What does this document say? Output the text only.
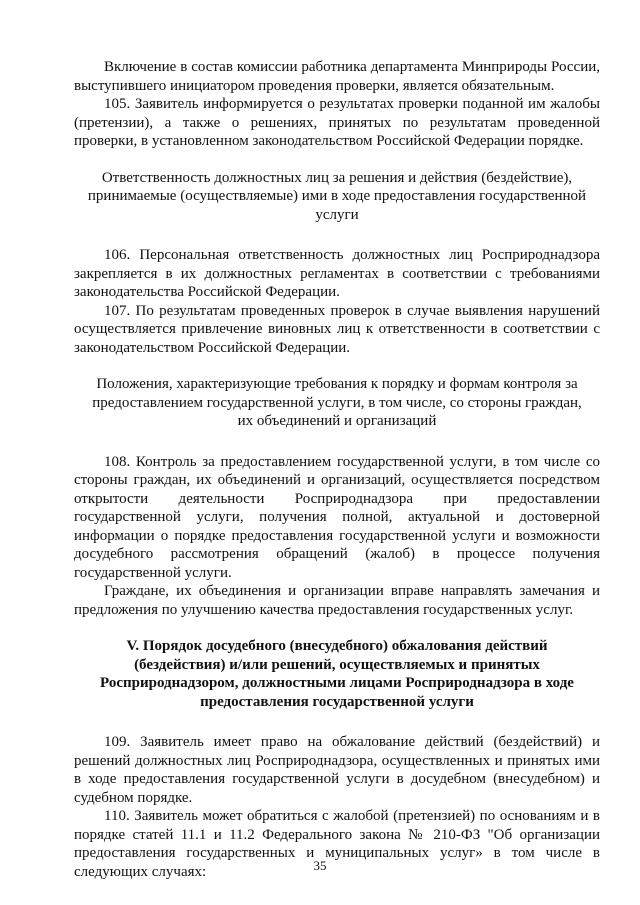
Включение в состав комиссии работника департамента Минприроды России, выступившего инициатором проведения проверки, является обязательным.

105. Заявитель информируется о результатах проверки поданной им жалобы (претензии), а также о решениях, принятых по результатам проведенной проверки, в установленном законодательством Российской Федерации порядке.

Ответственность должностных лиц за решения и действия (бездействие), принимаемые (осуществляемые) ими в ходе предоставления государственной услуги

106. Персональная ответственность должностных лиц Росприроднадзора закрепляется в их должностных регламентах в соответствии с требованиями законодательства Российской Федерации.

107. По результатам проведенных проверок в случае выявления нарушений осуществляется привлечение виновных лиц к ответственности в соответствии с законодательством Российской Федерации.

Положения, характеризующие требования к порядку и формам контроля за предоставлением государственной услуги, в том числе, со стороны граждан, их объединений и организаций

108. Контроль за предоставлением государственной услуги, в том числе со стороны граждан, их объединений и организаций, осуществляется посредством открытости деятельности Росприроднадзора при предоставлении государственной услуги, получения полной, актуальной и достоверной информации о порядке предоставления государственной услуги и возможности досудебного рассмотрения обращений (жалоб) в процессе получения государственной услуги.

Граждане, их объединения и организации вправе направлять замечания и предложения по улучшению качества предоставления государственных услуг.

V. Порядок досудебного (внесудебного) обжалования действий (бездействия) и/или решений, осуществляемых и принятых Росприроднадзором, должностными лицами Росприроднадзора в ходе предоставления государственной услуги

109. Заявитель имеет право на обжалование действий (бездействий) и решений должностных лиц Росприроднадзора, осуществленных и принятых ими в ходе предоставления государственной услуги в досудебном (внесудебном) и судебном порядке.

110. Заявитель может обратиться с жалобой (претензией) по основаниям и в порядке статей 11.1 и 11.2 Федерального закона № 210-ФЗ "Об организации предоставления государственных и муниципальных услуг» в том числе в следующих случаях:	35
